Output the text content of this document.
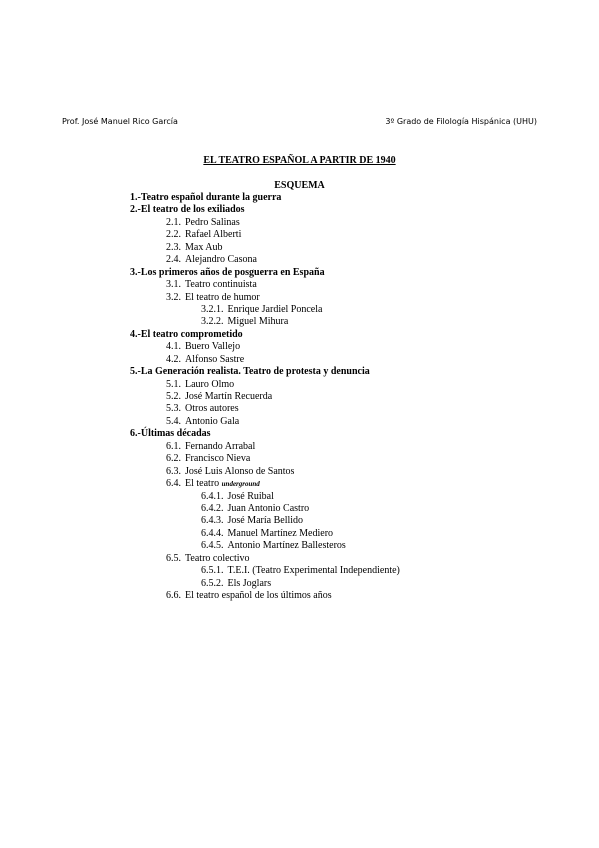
Prof. José Manuel Rico García	3º Grado de Filología Hispánica (UHU)
EL TEATRO ESPAÑOL A PARTIR DE 1940
ESQUEMA
1.-Teatro español durante la guerra
2.-El teatro de los exiliados
2.1. Pedro Salinas
2.2. Rafael Alberti
2.3. Max Aub
2.4. Alejandro Casona
3.-Los primeros años de posguerra en España
3.1. Teatro continuista
3.2. El teatro de humor
3.2.1. Enrique Jardiel Poncela
3.2.2. Miguel Mihura
4.-El teatro comprometido
4.1. Buero Vallejo
4.2. Alfonso Sastre
5.-La Generación realista. Teatro de protesta y denuncia
5.1. Lauro Olmo
5.2. José Martín Recuerda
5.3. Otros autores
5.4. Antonio Gala
6.-Últimas décadas
6.1. Fernando Arrabal
6.2. Francisco Nieva
6.3. José Luis Alonso de Santos
6.4. El teatro underground
6.4.1. José Ruibal
6.4.2. Juan Antonio Castro
6.4.3. José María Bellido
6.4.4. Manuel Martínez Mediero
6.4.5. Antonio Martínez Ballesteros
6.5. Teatro colectivo
6.5.1. T.E.I. (Teatro Experimental Independiente)
6.5.2. Els Joglars
6.6. El teatro español de los últimos años
